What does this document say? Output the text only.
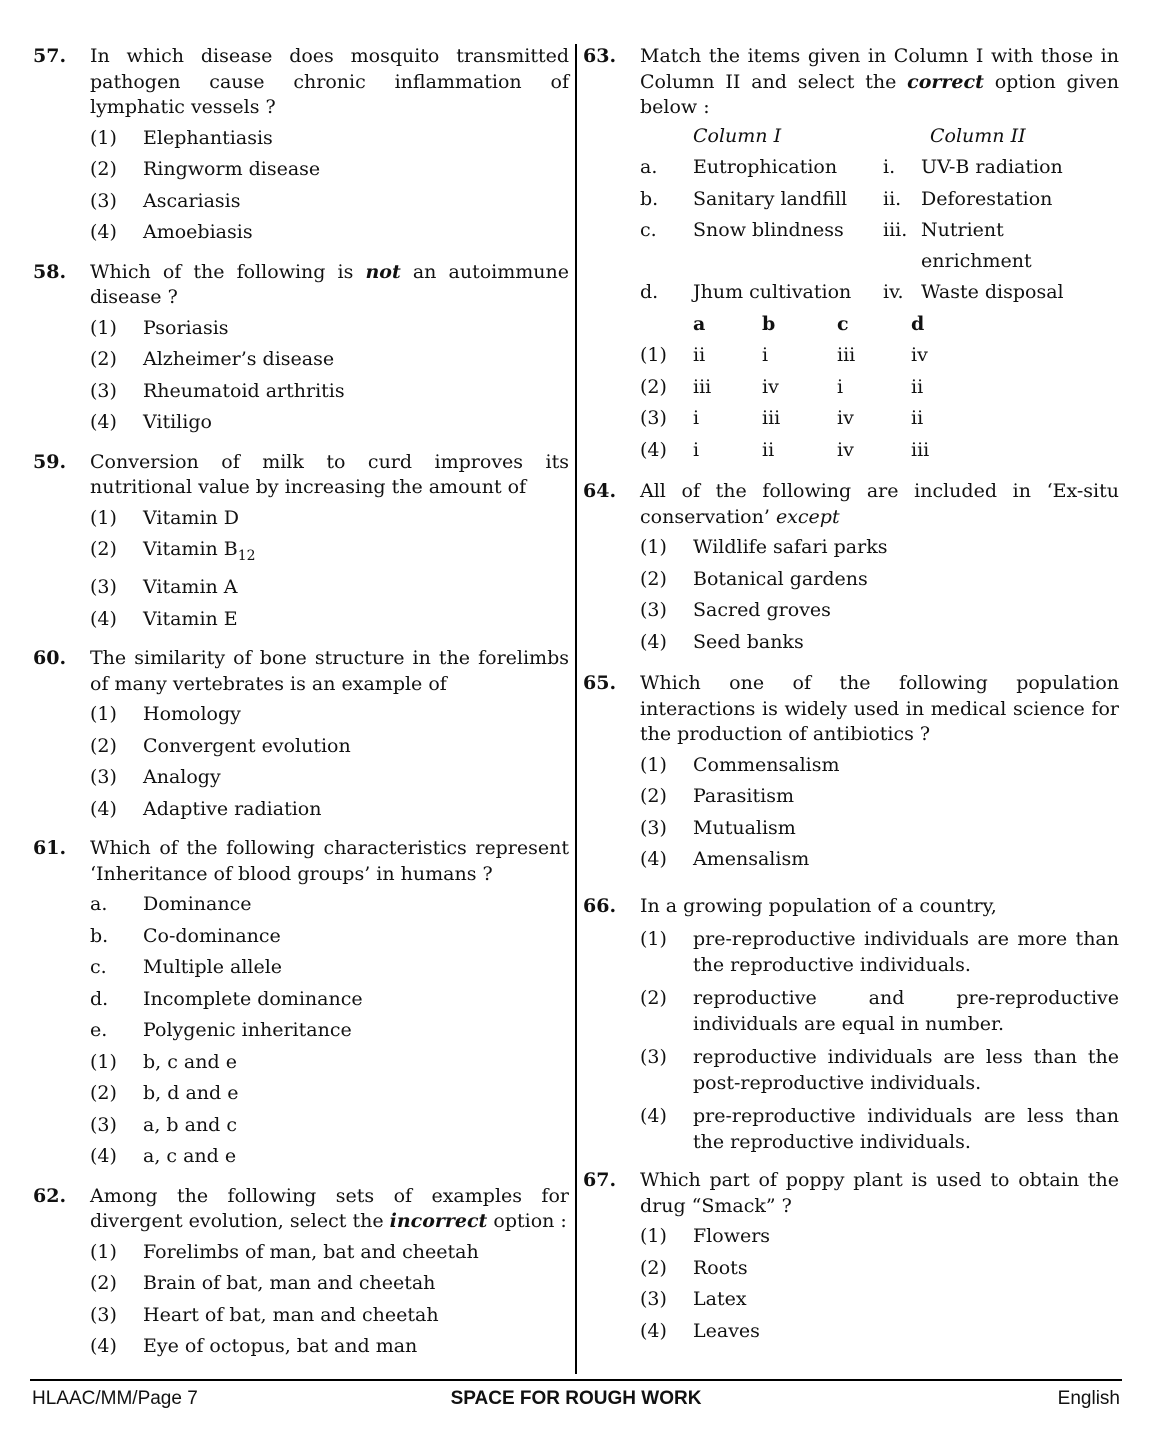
57. In which disease does mosquito transmitted pathogen cause chronic inflammation of lymphatic vessels ?
(1) Elephantiasis
(2) Ringworm disease
(3) Ascariasis
(4) Amoebiasis
58. Which of the following is not an autoimmune disease ?
(1) Psoriasis
(2) Alzheimer’s disease
(3) Rheumatoid arthritis
(4) Vitiligo
59. Conversion of milk to curd improves its nutritional value by increasing the amount of
(1) Vitamin D
(2) Vitamin $B_{12}$
(3) Vitamin A
(4) Vitamin E
60. The similarity of bone structure in the forelimbs of many vertebrates is an example of
(1) Homology
(2) Convergent evolution
(3) Analogy
(4) Adaptive radiation
61. Which of the following characteristics represent ‘Inheritance of blood groups’ in humans ?
a. Dominance
b. Co-dominance
c. Multiple allele
d. Incomplete dominance
e. Polygenic inheritance
(1) b, c and e
(2) b, d and e
(3) a, b and c
(4) a, c and e
62. Among the following sets of examples for divergent evolution, select the incorrect option :
(1) Forelimbs of man, bat and cheetah
(2) Brain of bat, man and cheetah
(3) Heart of bat, man and cheetah
(4) Eye of octopus, bat and man
63. Match the items given in Column I with those in Column II and select the correct option given below :
Column I	Column II
a. Eutrophication i. UV-B radiation
b. Sanitary landfill ii. Deforestation
c. Snow blindness iii. Nutrient enrichment
d. Jhum cultivation iv. Waste disposal
a	b	c	d
(1) ii	i	iii	iv
(2) iii	iv	i	ii
(3) i	iii	iv	ii
(4) i	ii	iv	iii
64. All of the following are included in ‘Ex-situ conservation’ except
(1) Wildlife safari parks
(2) Botanical gardens
(3) Sacred groves
(4) Seed banks
65. Which one of the following population interactions is widely used in medical science for the production of antibiotics ?
(1) Commensalism
(2) Parasitism
(3) Mutualism
(4) Amensalism
66. In a growing population of a country,
(1) pre-reproductive individuals are more than the reproductive individuals.
(2) reproductive and pre-reproductive individuals are equal in number.
(3) reproductive individuals are less than the post-reproductive individuals.
(4) pre-reproductive individuals are less than the reproductive individuals.
67. Which part of poppy plant is used to obtain the drug “Smack” ?
(1) Flowers
(2) Roots
(3) Latex
(4) Leaves
HLAAC/MM/Page 7	SPACE FOR ROUGH WORK	English
